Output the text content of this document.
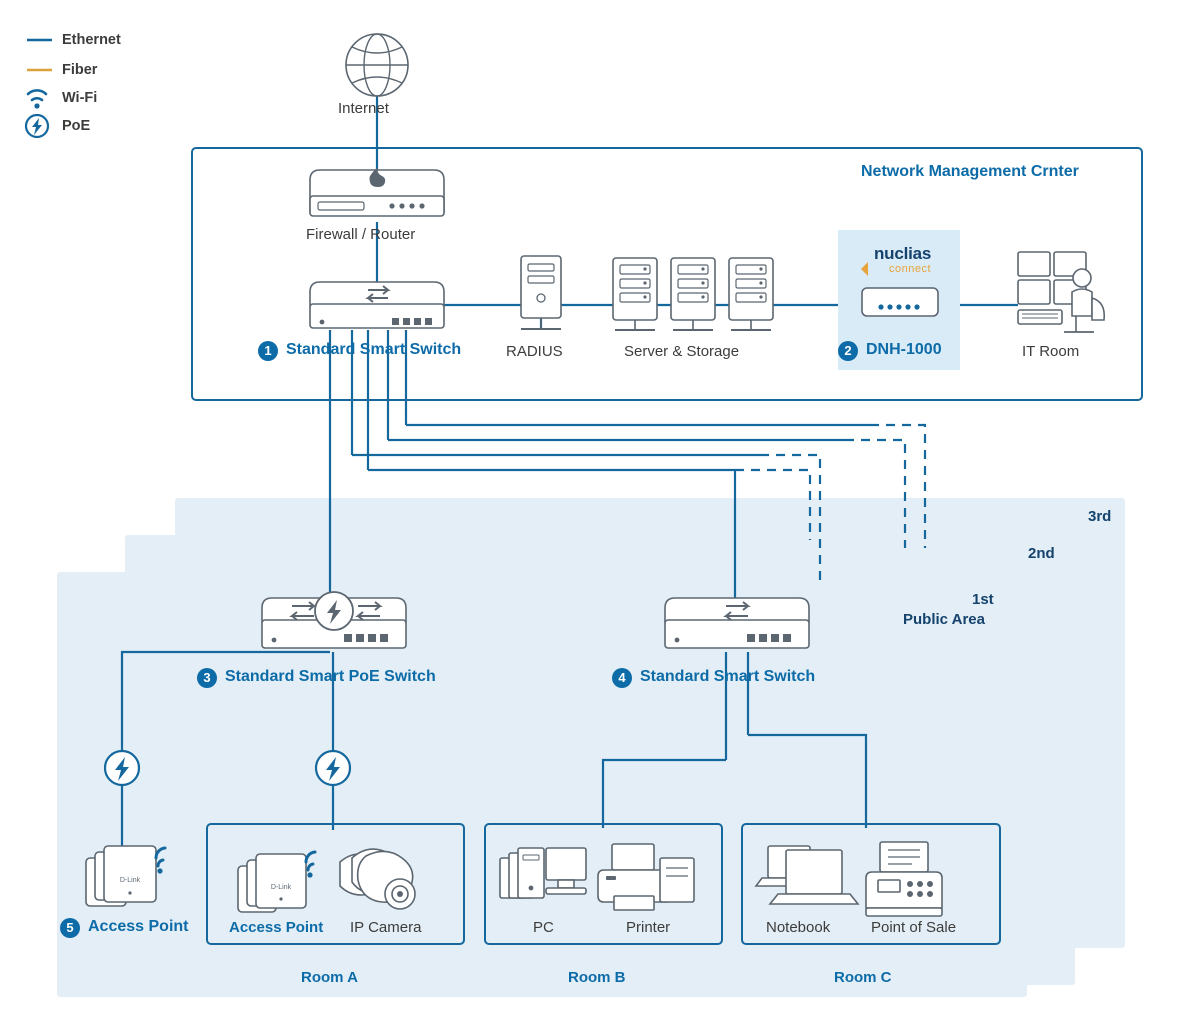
D-Link
D-Link
Ethernet
Fiber
Wi-Fi
PoE
Internet
Network Management Crnter
Firewall / Router
1 Standard Smart Switch	RADIUS	Server & Storage
nuclias
connect
2 DNH-1000	IT Room
3rd
2nd
1st
Public Area
3 Standard Smart PoE Switch	4 Standard Smart Switch
5 Access Point	Access Point IP Camera
Room A
PC	Printer
Room B
Notebook	Point of Sale
Room C
